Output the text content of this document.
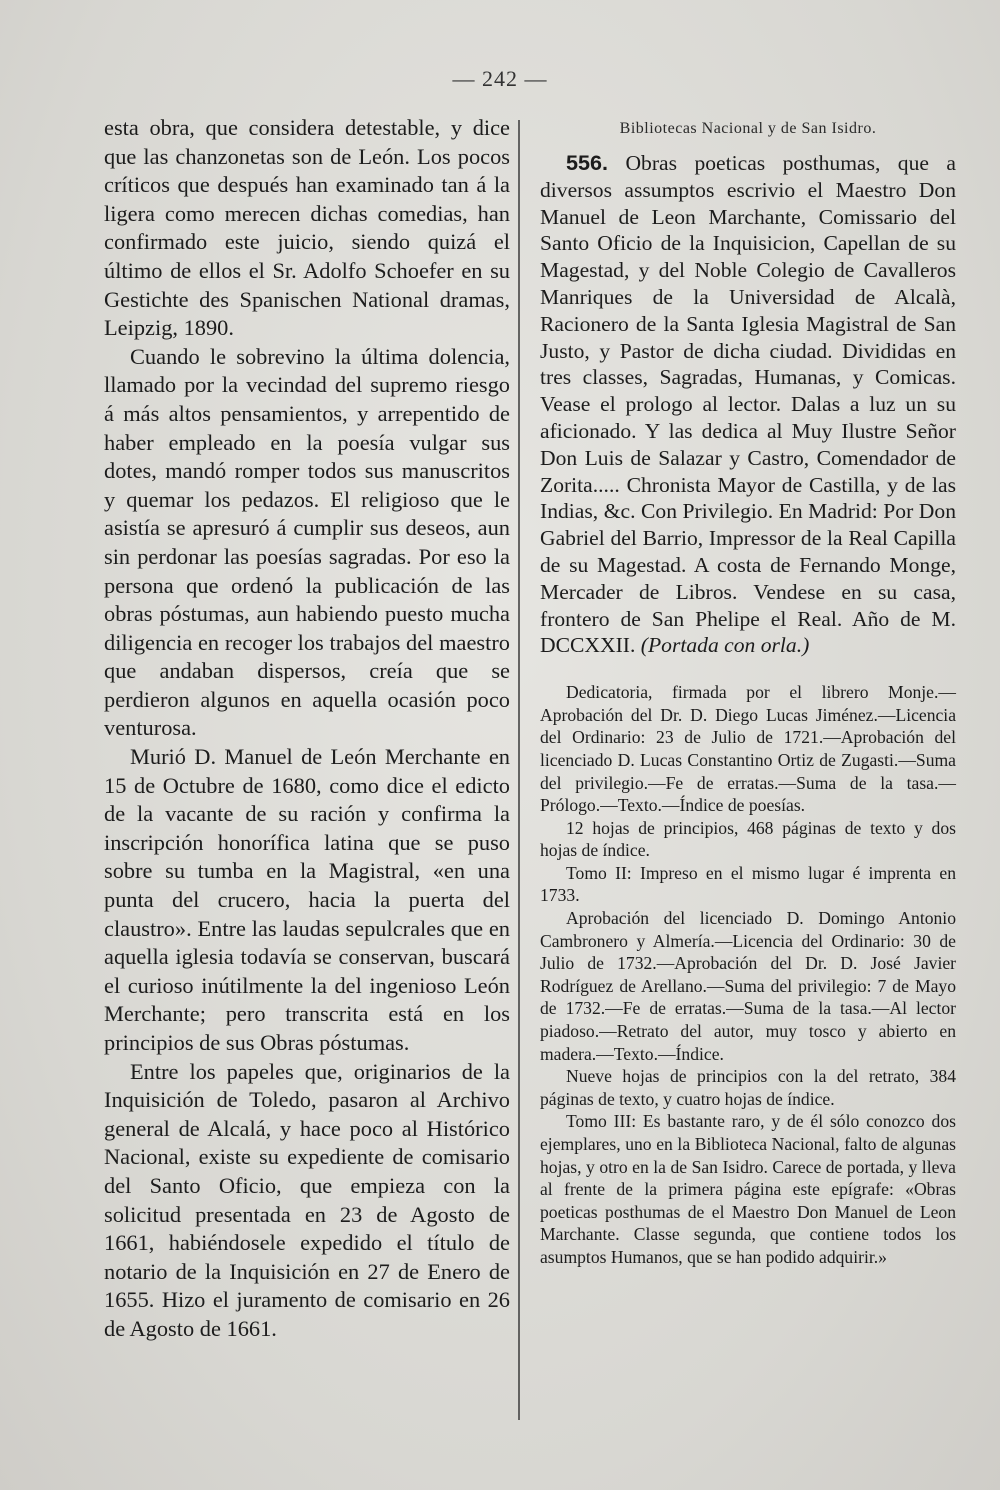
— 242 —

esta obra, que considera detestable, y dice que las chanzonetas son de León. Los pocos críticos que después han examinado tan á la ligera como merecen dichas comedias, han confirmado este juicio, siendo quizá el último de ellos el Sr. Adolfo Schoefer en su Gestichte des Spanischen National dramas, Leipzig, 1890.

Cuando le sobrevino la última dolencia, llamado por la vecindad del supremo riesgo á más altos pensamientos, y arrepentido de haber empleado en la poesía vulgar sus dotes, mandó romper todos sus manuscritos y quemar los pedazos. El religioso que le asistía se apresuró á cumplir sus deseos, aun sin perdonar las poesías sagradas. Por eso la persona que ordenó la publicación de las obras póstumas, aun habiendo puesto mucha diligencia en recoger los trabajos del maestro que andaban dispersos, creía que se perdieron algunos en aquella ocasión poco venturosa.

Murió D. Manuel de León Merchante en 15 de Octubre de 1680, como dice el edicto de la vacante de su ración y confirma la inscripción honorífica latina que se puso sobre su tumba en la Magistral, «en una punta del crucero, hacia la puerta del claustro». Entre las laudas sepulcrales que en aquella iglesia todavía se conservan, buscará el curioso inútilmente la del ingenioso León Merchante; pero transcrita está en los principios de sus Obras póstumas.

Entre los papeles que, originarios de la Inquisición de Toledo, pasaron al Archivo general de Alcalá, y hace poco al Histórico Nacional, existe su expediente de comisario del Santo Oficio, que empieza con la solicitud presentada en 23 de Agosto de 1661, habiéndosele expedido el título de notario de la Inquisición en 27 de Enero de 1655. Hizo el juramento de comisario en 26 de Agosto de 1661.

Bibliotecas Nacional y de San Isidro.

556. Obras poeticas posthumas, que a diversos assumptos escrivio el Maestro Don Manuel de Leon Marchante, Comissario del Santo Oficio de la Inquisicion, Capellan de su Magestad, y del Noble Colegio de Cavalleros Manriques de la Universidad de Alcalà, Racionero de la Santa Iglesia Magistral de San Justo, y Pastor de dicha ciudad. Divididas en tres classes, Sagradas, Humanas, y Comicas. Vease el prologo al lector. Dalas a luz un su aficionado. Y las dedica al Muy Ilustre Señor Don Luis de Salazar y Castro, Comendador de Zorita..... Chronista Mayor de Castilla, y de las Indias, &c. Con Privilegio. En Madrid: Por Don Gabriel del Barrio, Impressor de la Real Capilla de su Magestad. A costa de Fernando Monge, Mercader de Libros. Vendese en su casa, frontero de San Phelipe el Real. Año de M. DCCXXII. (Portada con orla.)

Dedicatoria, firmada por el librero Monje.—Aprobación del Dr. D. Diego Lucas Jiménez.—Licencia del Ordinario: 23 de Julio de 1721.—Aprobación del licenciado D. Lucas Constantino Ortiz de Zugasti.—Suma del privilegio.—Fe de erratas.—Suma de la tasa.—Prólogo.—Texto.—Índice de poesías.

12 hojas de principios, 468 páginas de texto y dos hojas de índice.

Tomo II: Impreso en el mismo lugar é imprenta en 1733.

Aprobación del licenciado D. Domingo Antonio Cambronero y Almería.—Licencia del Ordinario: 30 de Julio de 1732.—Aprobación del Dr. D. José Javier Rodríguez de Arellano.—Suma del privilegio: 7 de Mayo de 1732.—Fe de erratas.—Suma de la tasa.—Al lector piadoso.—Retrato del autor, muy tosco y abierto en madera.—Texto.—Índice.

Nueve hojas de principios con la del retrato, 384 páginas de texto, y cuatro hojas de índice.

Tomo III: Es bastante raro, y de él sólo conozco dos ejemplares, uno en la Biblioteca Nacional, falto de algunas hojas, y otro en la de San Isidro. Carece de portada, y lleva al frente de la primera página este epígrafe: «Obras poeticas posthumas de el Maestro Don Manuel de Leon Marchante. Classe segunda, que contiene todos los asumptos Humanos, que se han podido adquirir.»
